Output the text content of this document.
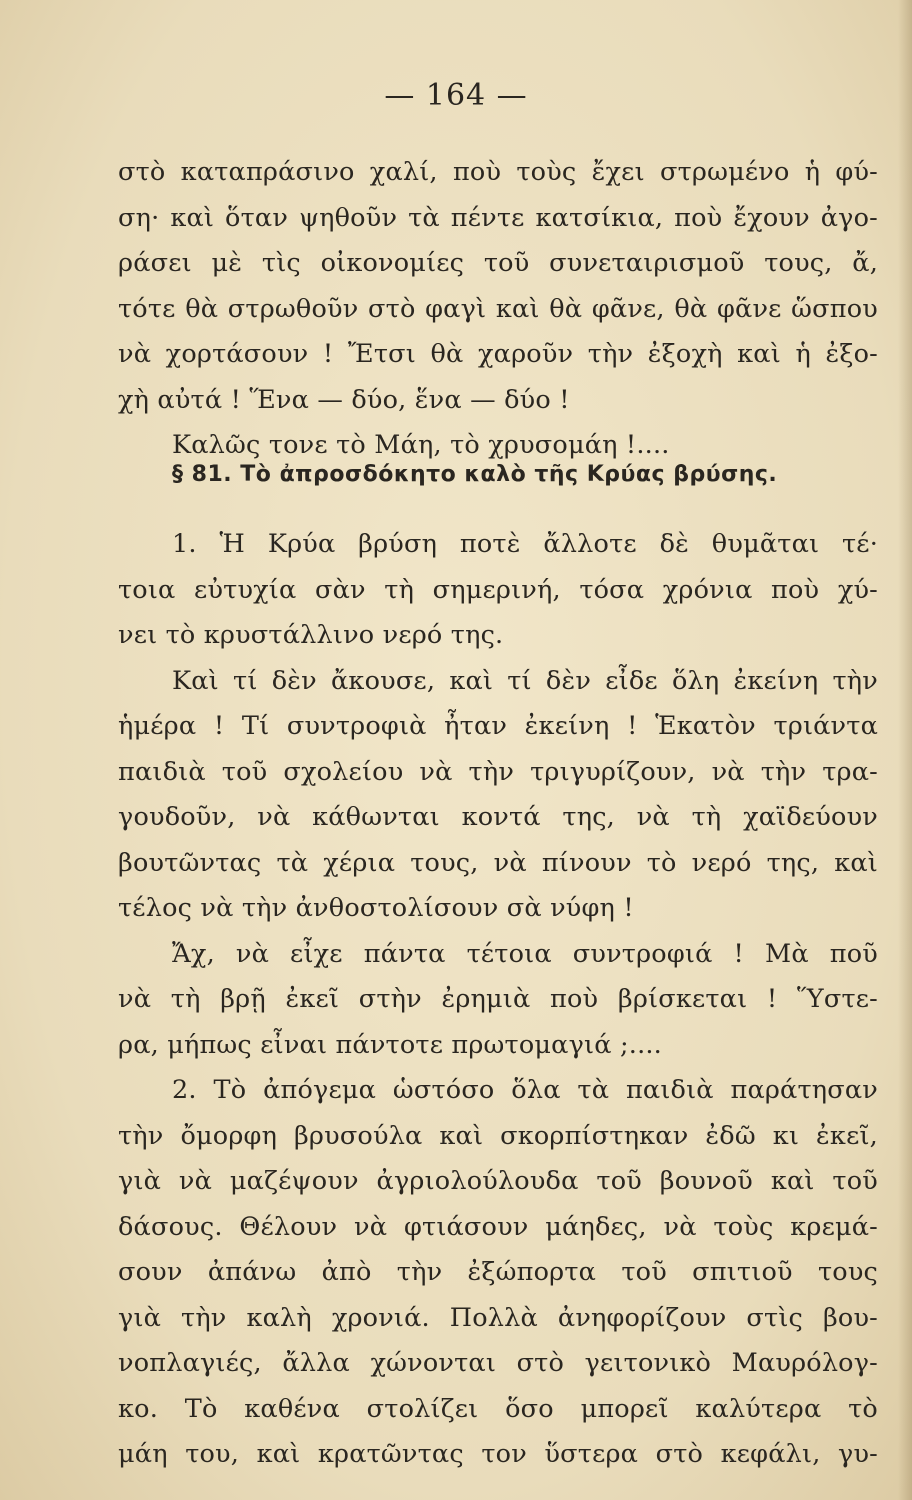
— 164 —
στὸ καταπράσινο χαλί, ποὺ τοὺς ἔχει στρωμένο ἡ φύ-
ση· καὶ ὅταν ψηθοῦν τὰ πέντε κατσίκια, ποὺ ἔχουν ἀγο-
ράσει μὲ τὶς οἰκονομίες τοῦ συνεταιρισμοῦ τους, ἄ,
τότε θὰ στρωθοῦν στὸ φαγὶ καὶ θὰ φᾶνε, θὰ φᾶνε ὥσπου
νὰ χορτάσουν ! Ἔτσι θὰ χαροῦν τὴν ἐξοχὴ καὶ ἡ ἐξο-
χὴ αὐτά ! Ἕνα — δύο, ἕνα — δύο !
Καλῶς τονε τὸ Μάη, τὸ χρυσομάη !....
§ 81. Τὸ ἀπροσδόκητο καλὸ τῆς Κρύας βρύσης.
1. Ἡ Κρύα βρύση ποτὲ ἄλλοτε δὲ θυμᾶται τέ·
τοια εὐτυχία σὰν τὴ σημερινή, τόσα χρόνια ποὺ χύ-
νει τὸ κρυστάλλινο νερό της.
Καὶ τί δὲν ἄκουσε, καὶ τί δὲν εἶδε ὅλη ἐκείνη τὴν
ἡμέρα ! Τί συντροφιὰ ἦταν ἐκείνη ! Ἑκατὸν τριάντα
παιδιὰ τοῦ σχολείου νὰ τὴν τριγυρίζουν, νὰ τὴν τρα-
γουδοῦν, νὰ κάθωνται κοντά της, νὰ τὴ χαϊδεύουν
βουτῶντας τὰ χέρια τους, νὰ πίνουν τὸ νερό της, καὶ
τέλος νὰ τὴν ἀνθοστολίσουν σὰ νύφη !
Ἄχ, νὰ εἶχε πάντα τέτοια συντροφιά ! Μὰ ποῦ
νὰ τὴ βρῇ ἐκεῖ στὴν ἐρημιὰ ποὺ βρίσκεται ! Ὕστε-
ρα, μήπως εἶναι πάντοτε πρωτομαγιά ;....
2. Τὸ ἀπόγεμα ὡστόσο ὅλα τὰ παιδιὰ παράτησαν
τὴν ὄμορφη βρυσούλα καὶ σκορπίστηκαν ἐδῶ κι ἐκεῖ,
γιὰ νὰ μαζέψουν ἀγριολούλουδα τοῦ βουνοῦ καὶ τοῦ
δάσους. Θέλουν νὰ φτιάσουν μάηδες, νὰ τοὺς κρεμά-
σουν ἀπάνω ἀπὸ τὴν ἐξώπορτα τοῦ σπιτιοῦ τους
γιὰ τὴν καλὴ χρονιά. Πολλὰ ἀνηφορίζουν στὶς βου-
νοπλαγιές, ἄλλα χώνονται στὸ γειτονικὸ Μαυρόλογ-
κο. Τὸ καθένα στολίζει ὅσο μπορεῖ καλύτερα τὸ
μάη του, καὶ κρατῶντας τον ὕστερα στὸ κεφάλι, γυ-
